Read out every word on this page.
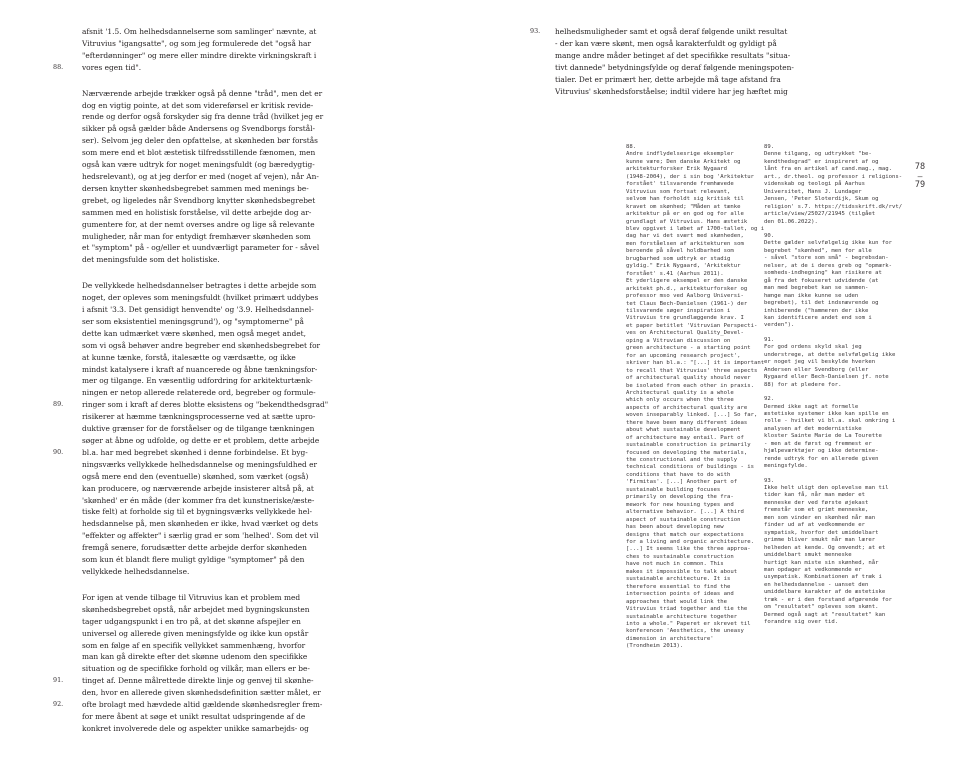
afsnit '1.5. Om helhedsdannelserne som samlinger' nævnte, at
Vitruvius "igangsatte", og som jeg formulerede det "også har
"efterdønninger" og mere eller mindre direkte virkningskraft i
88.	vores egen tid".

Nærværende arbejde trækker også på denne "tråd", men det er
dog en vigtig pointe, at det som videreførsel er kritisk revide-
rende og derfor også forskyder sig fra denne tråd (hvilket jeg er
sikker på også gælder både Andersens og Svendborgs forstål-
ser). Selvom jeg deler den opfattelse, at skønheden bør forstås
som mere end et blot æstetisk tilfredsstillende fænomen, men
også kan være udtryk for noget meningsfuldt (og bæredygtig-
hedsrelevant), og at jeg derfor er med (noget af vejen), når An-
dersen knytter skønhedsbegrebet sammen med menings be-
grebet, og ligeledes når Svendborg knytter skønhedsbegrebet
sammen med en holistisk forståelse, vil dette arbejde dog ar-
gumentere for, at der nemt overses andre og lige så relevante
muligheder, når man for entydigt fremhæver skønheden som
et "symptom" på - og/eller et uundværligt parameter for - såvel
det meningsfulde som det holistiske.

De vellykkede helhedsdannelser betragtes i dette arbejde som
noget, der opleves som meningsfuldt (hvilket primært uddybes
i afsnit '3.3. Det gensidigt henvendte' og '3.9. Helhedsdannel-
ser som eksistentiel meningsgrund'), og "symptomerne" på
dette kan udmærket være skønhed, men også meget andet,
som vi også behøver andre begreber end skønhedsbegrebet for
at kunne tænke, forstå, italesætte og værdsætte, og ikke
mindst katalysere i kraft af nuancerede og åbne tænkningsfor-
mer og tilgange. En væsentlig udfordring for arkitekturtænk-
ningen er netop allerede relaterede ord, begreber og formule-
89.	ringer som i kraft af deres blotte eksistens og "bekendthedsgrad"
risikerer at hæmme tænkningsprocesserne ved at sætte upro-
duktive grænser for de forståelser og de tilgange tænkningen
søger at åbne og udfolde, og dette er et problem, dette arbejde
90.	bl.a. har med begrebet skønhed i denne forbindelse. Et byg-
ningsværks vellykkede helhedsdannelse og meningsfuldhed er
også mere end den (eventuelle) skønhed, som værket (også)
kan producere, og nærværende arbejde insisterer altså på, at
'skønhed' er én måde (der kommer fra det kunstneriske/æste-
tiske felt) at forholde sig til et bygningsværks vellykkede hel-
hedsdannelse på, men skønheden er ikke, hvad værket og dets
"effekter og affekter" i særlig grad er som 'helhed'. Som det vil
fremgå senere, forudsætter dette arbejde derfor skønheden
som kun ét blandt flere muligt gyldige "symptomer" på den
vellykkede helhedsdannelse.

For igen at vende tilbage til Vitruvius kan et problem med
skønhedsbegrebet opstå, når arbejdet med bygningskunsten
tager udgangspunkt i en tro på, at det skønne afspejler en
universel og allerede given meningsfylde og ikke kun opstår
som en følge af en specifik vellykket sammenhæng, hvorfor
man kan gå direkte efter det skønne udenom den specifikke
situation og de specifikke forhold og vilkår, man ellers er be-
91.	tinget af. Denne målrettede direkte linje og genvej til skønhe-
den, hvor en allerede given skønhedsdefinition sætter målet, er
92.	ofte brolagt med hævdede altid gældende skønhedsregler frem-
for mere åbent at søge et unikt resultat udspringende af de
konkret involverede dele og aspekter unikke samarbejds- og

93. helhedsmuligheder samt et også deraf følgende unikt resultat
- der kan være skønt, men også karakterfuldt og gyldigt på
mange andre måder betinget af det specifikke resultats "situa-
tivt dannede" betydningsfylde og deraf følgende meningspoten-
tialer. Det er primært her, dette arbejde må tage afstand fra
Vitruvius' skønhedsforståelse; indtil videre har jeg hæftet mig

88.
Andre indflydelsesrige eksempler
kunne være; Den danske Arkitekt og
arkitekturforsker Erik Nygaard
(1948-2004), der i sin bog 'Arkitektur
forstået' tilsvarende fremhævede
Vitruvius som fortsat relevant,
selvom han forholdt sig kritisk til
kravet om skønhed; "Måden at tænke
arkitektur på er en god og for alle
grundlagt af Vitruvius. Hans æstetik
blev opgivet i løbet af 1700-tallet, og i
dag har vi det svært med skønheden,
men forståelsen af arkitekturen som
beroende på såvel holdbarhed som
brugbarhed som udtryk er stadig
gyldig." Erik Nygaard, 'Arkitektur
forstået' s.41 (Aarhus 2011).
Et yderligere eksempel er den danske
arkitekt ph.d., arkitekturforsker og
professor mso ved Aalborg Universi-
tet Claus Bech-Danielsen (1961-) der
tilsvarende søger inspiration i
Vitruvius tre grundlæggende krav. I
et paper betitlet 'Vitruvian Perspecti-
ves on Architectural Quality_Devel-
oping a Vitruvian discussion on
green architecture - a starting point
for an upcoming research project',
skriver han bl.a.: "[...] it is important
to recall that Vitruvius' three aspects
of architectural quality should never
be isolated from each other in praxis.
Architectural quality is a whole
which only occurs when the three
aspects of architectural quality are
woven inseparably linked. [...] So far,
there have been many different ideas
about what sustainable development
of architecture may entail. Part of
sustainable construction is primarily
focused on developing the materials,
the constructional and the supply
technical conditions of buildings - is
conditions that have to do with
'Firmitas'. [...] Another part of
sustainable building focuses
primarily on developing the fra-
mework for new housing types and
alternative behavior. [...] A third
aspect of sustainable construction
has been about developing new
designs that match our expectations
for a living and organic architecture.
[...] It seems like the three approa-
ches to sustainable construction
have not much in common. This
makes it impossible to talk about
sustainable architecture. It is
therefore essential to find the
intersection points of ideas and
approaches that would link the
Vitruvius triad together and tie the
sustainable architecture together
into a whole." Paperet er skrevet til
konferencen 'Aesthetics, the uneasy
dimension in architecture'
(Trondheim 2013).
89.
Denne tilgang, og udtrykket "be-
kendthedsgrad" er inspireret af og
lånt fra en artikel af cand.mag., mag.
art., dr.theol. og professor i religions-
videnskab og teologi på Aarhus
Universitet, Hans J. Lundager
Jensen, 'Peter Sloterdijk, Skum og
religion' s.7. https://tidsskrift.dk/rvt/
article/view/25027/21945 (tilgået
den 01.06.2022).
90.
Dette gælder selvfølgelig ikke kun for
begrebet "skønhed", men for alle
- såvel "store som små" - begrebsdan-
nelser, at de i deres greb og "opmærk-
somheds-indhegning" kan risikere at
gå fra det fokuseret udvidende (at
man med begrebet kan se sammen-
hænge man ikke kunne se uden
begrebet), til det indsnævrende og
inhiberende ("hammeren der ikke
kan identificere andet end som i
verden").
91.
For god ordens skyld skal jeg
understrege, at dette selvfølgelig ikke
er noget jeg vil beskylde hverken
Andersen eller Svendborg (eller
Nygaard eller Bech-Danielsen jf. note
88) for at pledere for.
92.
Dermed ikke sagt at formelle
æstetiske systemer ikke kan spille en
rolle - hvilket vi bl.a. skal omkring i
analysen af det modernistiske
kloster Sainte Marie de La Tourette
- men at de først og fremmest er
hjælpeværktøjer og ikke determine-
rende udtryk for en allerede given
meningsfylde.
93.
Ikke helt uligt den oplevelse man til
tider kan få, når man møder et
menneske der ved første øjekast
fremstår som et grimt menneske,
men som vinder en skønhed når man
finder ud af at vedkommende er
sympatisk, hvorfor det umiddelbart
grimme bliver smukt når man lærer
helheden at kende. Og omvendt; at et
umiddelbart smukt menneske
hurtigt kan miste sin skønhed, når
man opdager at vedkommende er
usympatisk. Kombinationen af træk i
en helhedsdannelse - uanset den
umiddelbare karakter af de æstetiske
træk - er i den forstand afgørende for
om "resultatet" opleves som skønt.
Dermed også sagt at "resultatet" kan
forandre sig over tid.
78
—
79
